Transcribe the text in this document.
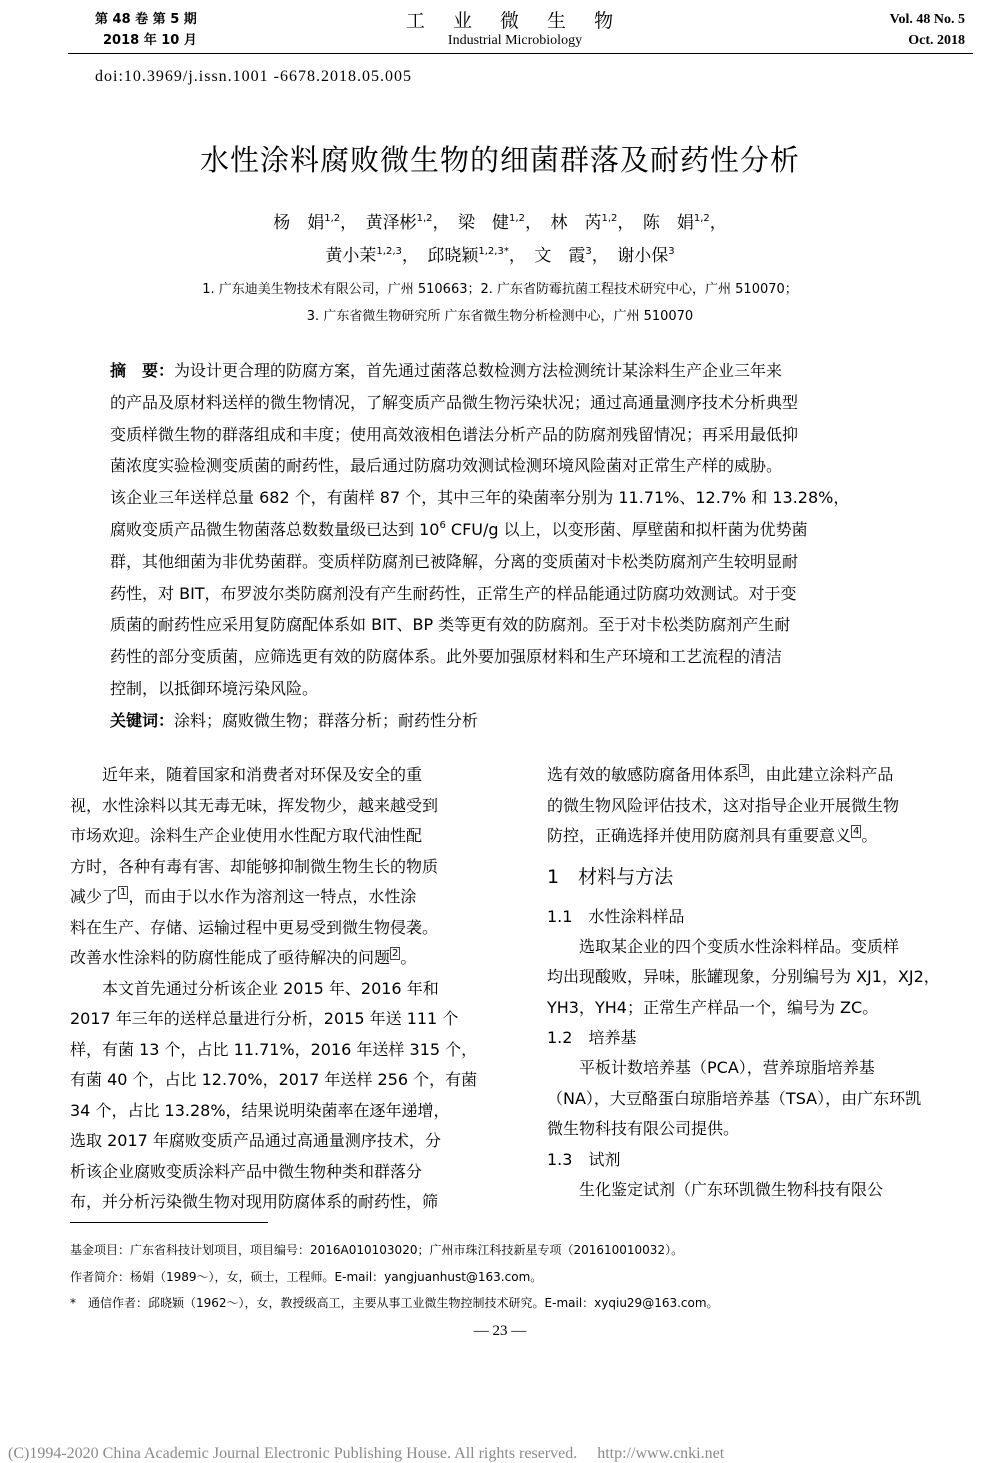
第 48 卷 第 5 期
2018 年 10 月
工 业 微 生 物
Industrial Microbiology
Vol. 48 No. 5
Oct. 2018
doi:10.3969/j.issn.1001 -6678.2018.05.005
水性涂料腐败微生物的细菌群落及耐药性分析
杨　娟$^{1,2}$，　黄泽彬$^{1,2}$，　梁　健$^{1,2}$，　林　芮$^{1,2}$，　陈　娟$^{1,2}$，
黄小茉$^{1,2,3}$，　邱晓颖$^{1,2,3*}$，　文　霞$^3$，　谢小保$^3$
1. 广东迪美生物技术有限公司，广州 510663；2. 广东省防霉抗菌工程技术研究中心，广州 510070；
3. 广东省微生物研究所 广东省微生物分析检测中心，广州 510070
摘　要：为设计更合理的防腐方案，首先通过菌落总数检测方法检测统计某涂料生产企业三年来
的产品及原材料送样的微生物情况，了解变质产品微生物污染状况；通过高通量测序技术分析典型
变质样微生物的群落组成和丰度；使用高效液相色谱法分析产品的防腐剂残留情况；再采用最低抑
菌浓度实验检测变质菌的耐药性，最后通过防腐功效测试检测环境风险菌对正常生产样的威胁。
该企业三年送样总量 682 个，有菌样 87 个，其中三年的染菌率分别为 11.71%、12.7% 和 13.28%，
腐败变质产品微生物菌落总数数量级已达到 $10^6$ CFU/g 以上，以变形菌、厚壁菌和拟杆菌为优势菌
群，其他细菌为非优势菌群。变质样防腐剂已被降解，分离的变质菌对卡松类防腐剂产生较明显耐
药性，对 BIT，布罗波尔类防腐剂没有产生耐药性，正常生产的样品能通过防腐功效测试。对于变
质菌的耐药性应采用复防腐配体系如 BIT、BP 类等更有效的防腐剂。至于对卡松类防腐剂产生耐
药性的部分变质菌，应筛选更有效的防腐体系。此外要加强原材料和生产环境和工艺流程的清洁
控制，以抵御环境污染风险。
关键词：涂料；腐败微生物；群落分析；耐药性分析
　　近年来，随着国家和消费者对环保及安全的重
视，水性涂料以其无毒无味，挥发物少，越来越受到
市场欢迎。涂料生产企业使用水性配方取代油性配
方时，各种有毒有害、却能够抑制微生物生长的物质
减少了 $^1$ ，而由于以水作为溶剂这一特点，水性涂
料在生产、存储、运输过程中更易受到微生物侵袭。
改善水性涂料的防腐性能成了亟待解决的问题 $^2$ 。
　　本文首先通过分析该企业 2015 年、2016 年和
2017 年三年的送样总量进行分析，2015 年送 111 个
样，有菌 13 个，占比 11.71%，2016 年送样 315 个，
有菌 40 个，占比 12.70%，2017 年送样 256 个，有菌
34 个，占比 13.28%，结果说明染菌率在逐年递增，
选取 2017 年腐败变质产品通过高通量测序技术，分
析该企业腐败变质涂料产品中微生物种类和群落分
布，并分析污染微生物对现用防腐体系的耐药性，筛
选有效的敏感防腐备用体系 $^3$ ，由此建立涂料产品
的微生物风险评估技术，这对指导企业开展微生物
防控，正确选择并使用防腐剂具有重要意义 $^4$ 。
1　材料与方法
1.1　水性涂料样品
　　选取某企业的四个变质水性涂料样品。变质样
均出现酸败，异味，胀罐现象，分别编号为 XJ1，XJ2，
YH3，YH4；正常生产样品一个，编号为 ZC。
1.2　培养基
　　平板计数培养基（PCA），营养琼脂培养基
（NA），大豆酪蛋白琼脂培养基（TSA），由广东环凯
微生物科技有限公司提供。
1.3　试剂
　　生化鉴定试剂（广东环凯微生物科技有限公
基金项目：广东省科技计划项目，项目编号：2016A010103020；广州市珠江科技新星专项（201610010032）。
作者简介：杨娟（1989～），女，硕士，工程师。E-mail：yangjuanhust@163.com。
*　通信作者：邱晓颖（1962～），女，教授级高工，主要从事工业微生物控制技术研究。E-mail：xyqiu29@163.com。
— 23 —
(C)1994-2020 China Academic Journal Electronic Publishing House. All rights reserved.　 http://www.cnki.net
